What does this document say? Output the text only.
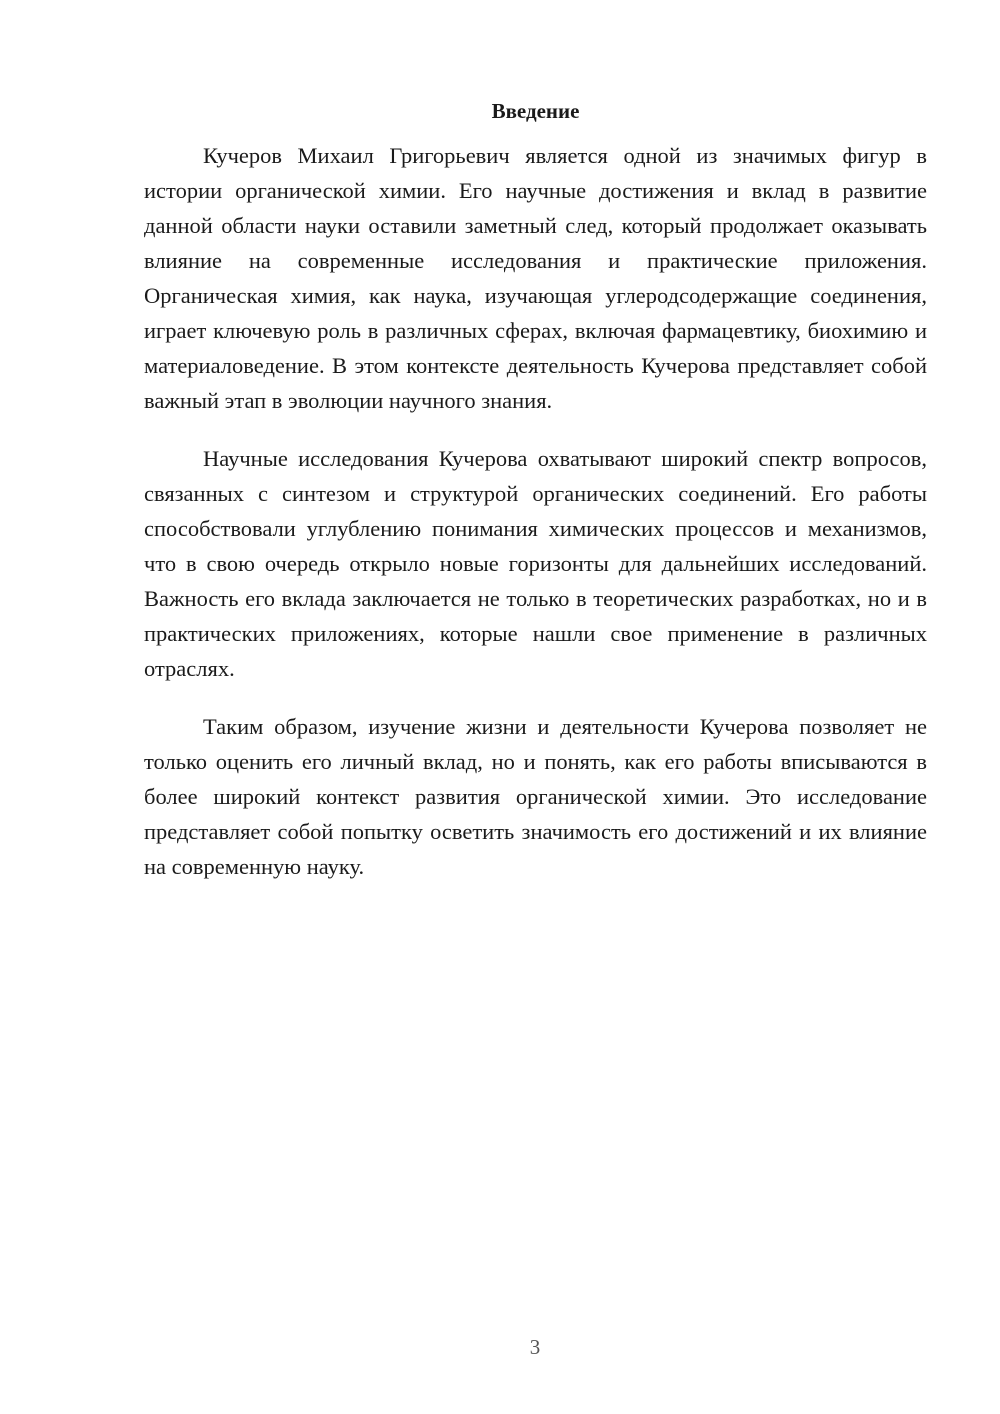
Введение

Кучеров Михаил Григорьевич является одной из значимых фигур в истории органической химии. Его научные достижения и вклад в развитие данной области науки оставили заметный след, который продолжает оказывать влияние на современные исследования и практические приложения. Органическая химия, как наука, изучающая углеродсодержащие соединения, играет ключевую роль в различных сферах, включая фармацевтику, биохимию и материаловедение. В этом контексте деятельность Кучерова представляет собой важный этап в эволюции научного знания.

Научные исследования Кучерова охватывают широкий спектр вопросов, связанных с синтезом и структурой органических соединений. Его работы способствовали углублению понимания химических процессов и механизмов, что в свою очередь открыло новые горизонты для дальнейших исследований. Важность его вклада заключается не только в теоретических разработках, но и в практических приложениях, которые нашли свое применение в различных отраслях.

Таким образом, изучение жизни и деятельности Кучерова позволяет не только оценить его личный вклад, но и понять, как его работы вписываются в более широкий контекст развития органической химии. Это исследование представляет собой попытку осветить значимость его достижений и их влияние на современную науку.

3
